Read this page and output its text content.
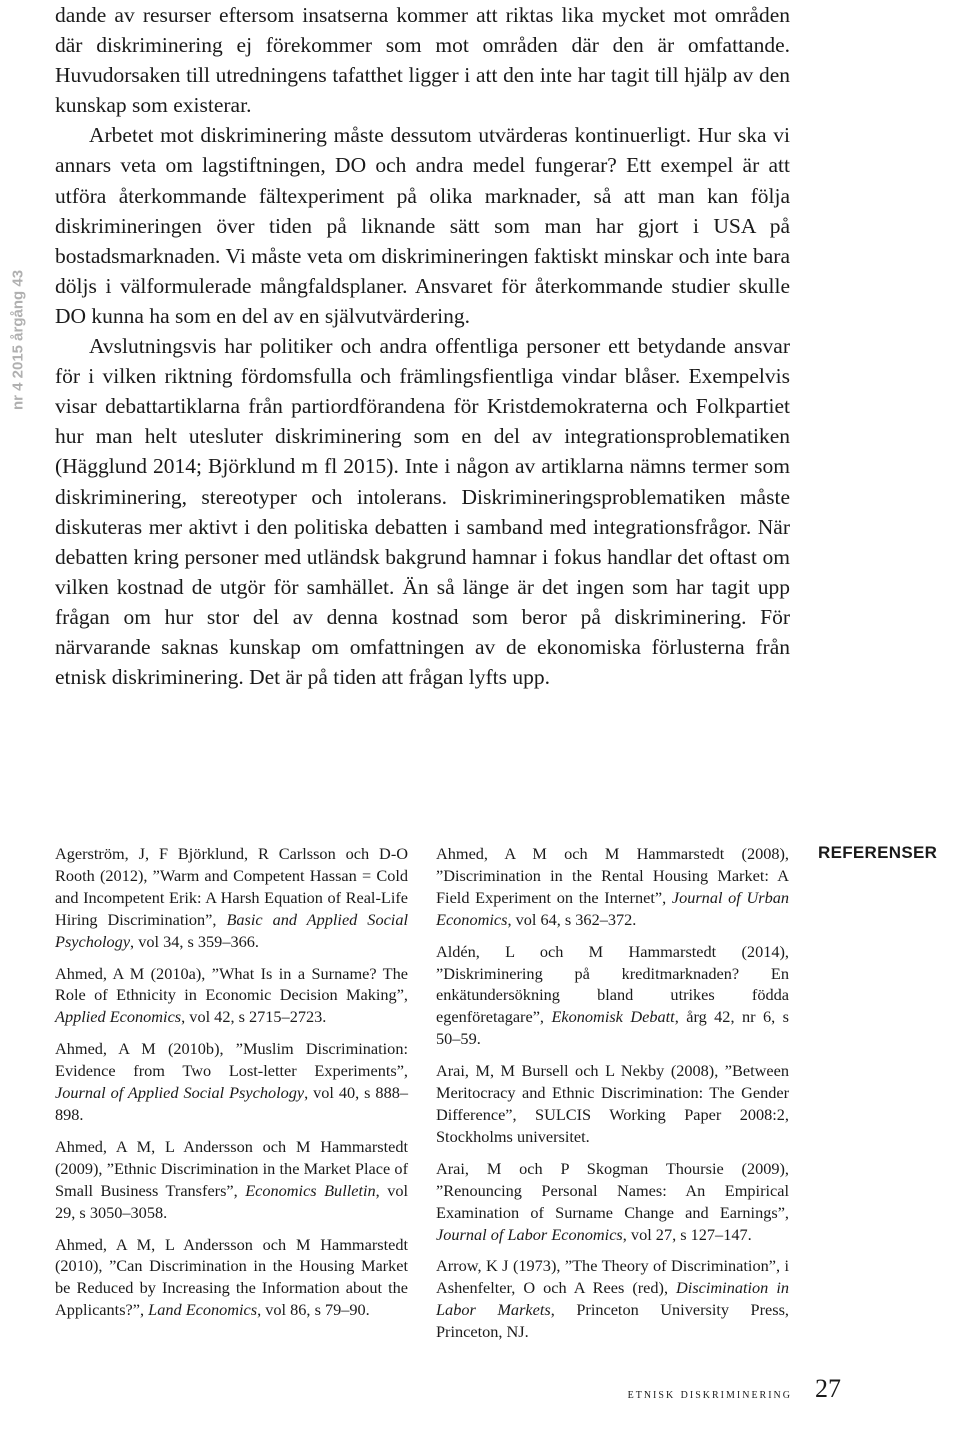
nr 4 2015 årgång 43

dande av resurser eftersom insatserna kommer att riktas lika mycket mot områden där diskriminering ej förekommer som mot områden där den är omfattande. Huvudorsaken till utredningens tafatthet ligger i att den inte har tagit till hjälp av den kunskap som existerar.

Arbetet mot diskriminering måste dessutom utvärderas kontinuerligt. Hur ska vi annars veta om lagstiftningen, DO och andra medel fungerar? Ett exempel är att utföra återkommande fältexperiment på olika marknader, så att man kan följa diskrimineringen över tiden på liknande sätt som man har gjort i USA på bostadsmarknaden. Vi måste veta om diskrimineringen faktiskt minskar och inte bara döljs i välformulerade mångfaldsplaner. Ansvaret för återkommande studier skulle DO kunna ha som en del av en självutvärdering.

Avslutningsvis har politiker och andra offentliga personer ett betydande ansvar för i vilken riktning fördomsfulla och främlingsfientliga vindar blåser. Exempelvis visar debattartiklarna från partiordförandena för Kristdemokraterna och Folkpartiet hur man helt utesluter diskriminering som en del av integrationsproblematiken (Hägglund 2014; Björklund m fl 2015). Inte i någon av artiklarna nämns termer som diskriminering, stereotyper och intolerans. Diskrimineringsproblematiken måste diskuteras mer aktivt i den politiska debatten i samband med integrationsfrågor. När debatten kring personer med utländsk bakgrund hamnar i fokus handlar det oftast om vilken kostnad de utgör för samhället. Än så länge är det ingen som har tagit upp frågan om hur stor del av denna kostnad som beror på diskriminering. För närvarande saknas kunskap om omfattningen av de ekonomiska förlusterna från etnisk diskriminering. Det är på tiden att frågan lyfts upp.

Agerström, J, F Björklund, R Carlsson och D-O Rooth (2012), ”Warm and Competent Hassan = Cold and Incompetent Erik: A Harsh Equation of Real-Life Hiring Discrimination”, Basic and Applied Social Psychology, vol 34, s 359–366.

Ahmed, A M (2010a), ”What Is in a Surname? The Role of Ethnicity in Economic Decision Making”, Applied Economics, vol 42, s 2715–2723.

Ahmed, A M (2010b), ”Muslim Discrimination: Evidence from Two Lost-letter Experiments”, Journal of Applied Social Psychology, vol 40, s 888–898.

Ahmed, A M, L Andersson och M Hammarstedt (2009), ”Ethnic Discrimination in the Market Place of Small Business Transfers”, Economics Bulletin, vol 29, s 3050–3058.

Ahmed, A M, L Andersson och M Hammarstedt (2010), ”Can Discrimination in the Housing Market be Reduced by Increasing the Information about the Applicants?”, Land Economics, vol 86, s 79–90.

Ahmed, A M och M Hammarstedt (2008), ”Discrimination in the Rental Housing Market: A Field Experiment on the Internet”, Journal of Urban Economics, vol 64, s 362–372.

Aldén, L och M Hammarstedt (2014), ”Diskriminering på kreditmarknaden? En enkätundersökning bland utrikes födda egenföretagare”, Ekonomisk Debatt, årg 42, nr 6, s 50–59.

Arai, M, M Bursell och L Nekby (2008), ”Between Meritocracy and Ethnic Discrimination: The Gender Difference”, SULCIS Working Paper 2008:2, Stockholms universitet.

Arai, M och P Skogman Thoursie (2009), ”Renouncing Personal Names: An Empirical Examination of Surname Change and Earnings”, Journal of Labor Economics, vol 27, s 127–147.

Arrow, K J (1973), ”The Theory of Discrimination”, i Ashenfelter, O och A Rees (red), Discimination in Labor Markets, Princeton University Press, Princeton, NJ.

REFERENSER
etnisk diskriminering 27
